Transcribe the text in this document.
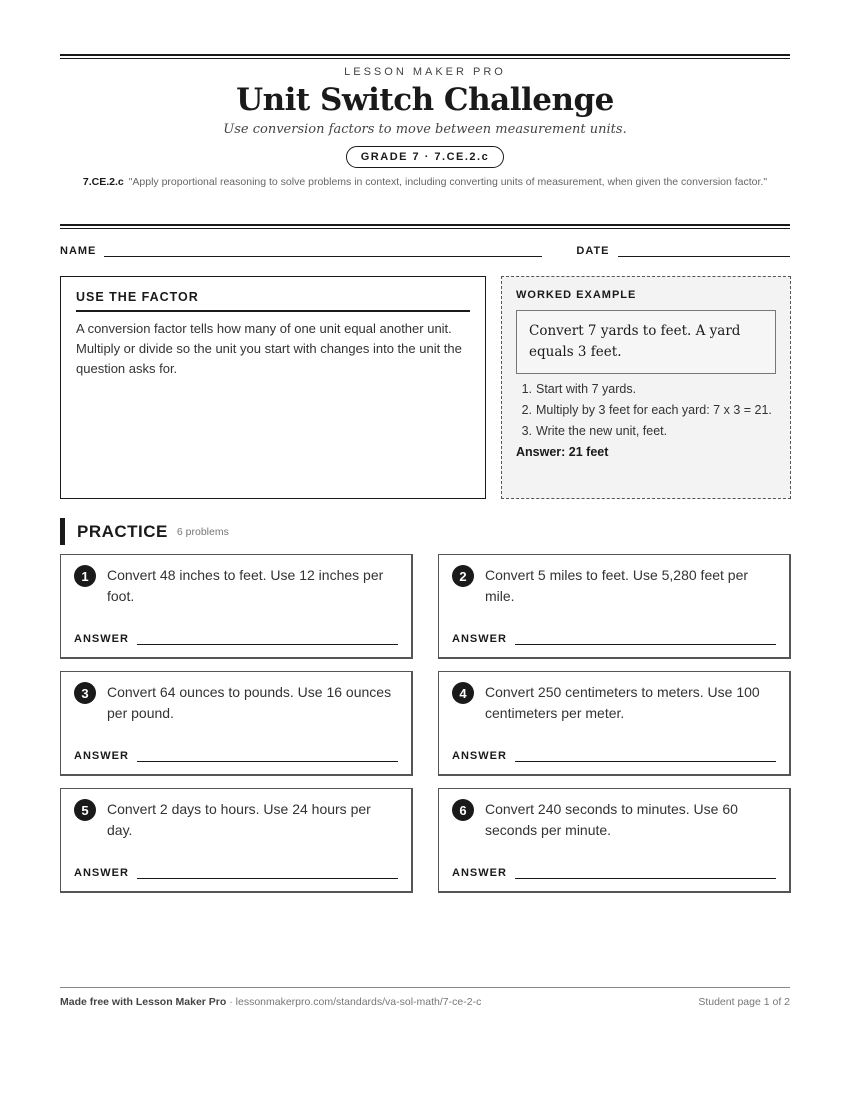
LESSON MAKER PRO
Unit Switch Challenge
Use conversion factors to move between measurement units.
GRADE 7 · 7.CE.2.c
7.CE.2.c "Apply proportional reasoning to solve problems in context, including converting units of measurement, when given the conversion factor."
NAME	DATE
USE THE FACTOR
A conversion factor tells how many of one unit equal another unit. Multiply or divide so the unit you start with changes into the unit the question asks for.
WORKED EXAMPLE
Convert 7 yards to feet. A yard equals 3 feet.
1. Start with 7 yards.
2. Multiply by 3 feet for each yard: 7 x 3 = 21.
3. Write the new unit, feet.
Answer: 21 feet
PRACTICE 6 problems
1	Convert 48 inches to feet. Use 12 inches per foot.
ANSWER
2	Convert 5 miles to feet. Use 5,280 feet per mile.
ANSWER
3	Convert 64 ounces to pounds. Use 16 ounces per pound.
ANSWER
4	Convert 250 centimeters to meters. Use 100 centimeters per meter.
ANSWER
5	Convert 2 days to hours. Use 24 hours per day.
ANSWER
6	Convert 240 seconds to minutes. Use 60 seconds per minute.
ANSWER
Made free with Lesson Maker Pro · lessonmakerpro.com/standards/va-sol-math/7-ce-2-c	Student page 1 of 2
